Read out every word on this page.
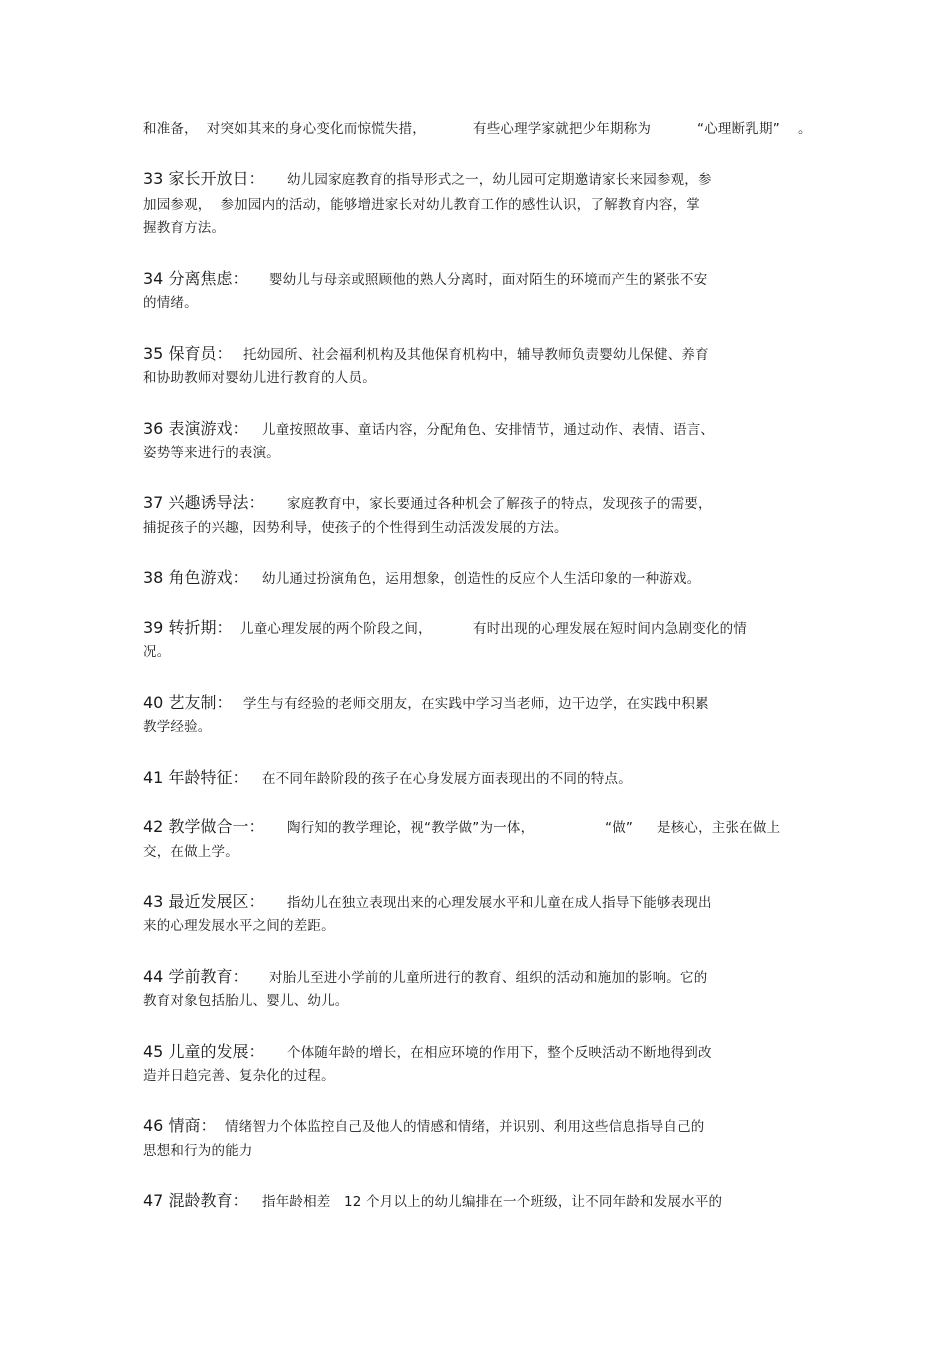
和准备，  对突如其来的身心变化而惊慌失措，	有些心理学家就把少年期称为	“心理断乳期” 。
33 家长开放日： 幼儿园家庭教育的指导形式之一，幼儿园可定期邀请家长来园参观，参
加园参观，  参加园内的活动，能够增进家长对幼儿教育工作的感性认识，了解教育内容，掌
握教育方法。
34 分离焦虑： 婴幼儿与母亲或照顾他的熟人分离时，面对陌生的环境而产生的紧张不安
的情绪。
35 保育员： 托幼园所、社会福利机构及其他保育机构中，辅导教师负责婴幼儿保健、养育
和协助教师对婴幼儿进行教育的人员。
36 表演游戏： 儿童按照故事、童话内容，分配角色、安排情节，通过动作、表情、语言、
姿势等来进行的表演。
37 兴趣诱导法： 家庭教育中，家长要通过各种机会了解孩子的特点，发现孩子的需要，
捕捉孩子的兴趣，因势利导，使孩子的个性得到生动活泼发展的方法。
38 角色游戏： 幼儿通过扮演角色，运用想象，创造性的反应个人生活印象的一种游戏。
39 转折期： 儿童心理发展的两个阶段之间，	有时出现的心理发展在短时间内急剧变化的情
况。
40 艺友制： 学生与有经验的老师交朋友，在实践中学习当老师，边干边学，在实践中积累
教学经验。
41 年龄特征： 在不同年龄阶段的孩子在心身发展方面表现出的不同的特点。
42 教学做合一： 陶行知的教学理论，视“教学做”为一体，	“做” 是核心，主张在做上
交，在做上学。
43 最近发展区： 指幼儿在独立表现出来的心理发展水平和儿童在成人指导下能够表现出
来的心理发展水平之间的差距。
44 学前教育： 对胎儿至进小学前的儿童所进行的教育、组织的活动和施加的影响。它的
教育对象包括胎儿、婴儿、幼儿。
45 儿童的发展： 个体随年龄的增长，在相应环境的作用下，整个反映活动不断地得到改
造并日趋完善、复杂化的过程。
46 情商： 情绪智力个体监控自己及他人的情感和情绪，并识别、利用这些信息指导自己的
思想和行为的能力
47 混龄教育： 指年龄相差   12 个月以上的幼儿编排在一个班级，让不同年龄和发展水平的
